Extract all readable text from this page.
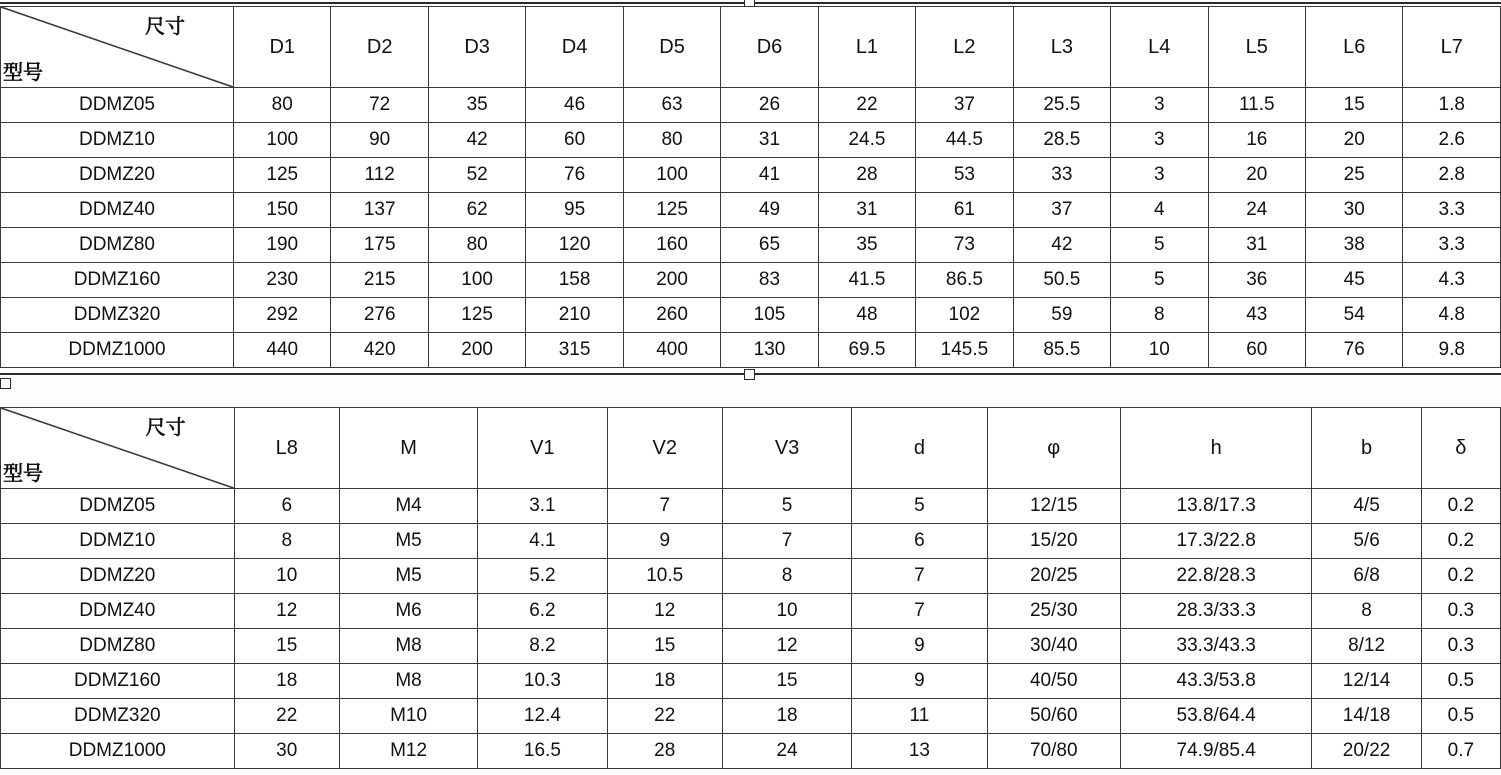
尺寸
型号	D1	D2	D3	D4	D5	D6	L1	L2	L3	L4	L5	L6	L7
DDMZ05	80	72	35	46	63	26	22	37	25.5	3	11.5	15	1.8
DDMZ10	100	90	42	60	80	31	24.5	44.5	28.5	3	16	20	2.6
DDMZ20	125	112	52	76	100	41	28	53	33	3	20	25	2.8
DDMZ40	150	137	62	95	125	49	31	61	37	4	24	30	3.3
DDMZ80	190	175	80	120	160	65	35	73	42	5	31	38	3.3
DDMZ160	230	215	100	158	200	83	41.5	86.5	50.5	5	36	45	4.3
DDMZ320	292	276	125	210	260	105	48	102	59	8	43	54	4.8
DDMZ1000	440	420	200	315	400	130	69.5	145.5	85.5	10	60	76	9.8
尺寸
型号	L8	M	V1	V2	V3	d	φ	h	b	δ
DDMZ05	6	M4	3.1	7	5	5	12/15	13.8/17.3	4/5	0.2
DDMZ10	8	M5	4.1	9	7	6	15/20	17.3/22.8	5/6	0.2
DDMZ20	10	M5	5.2	10.5	8	7	20/25	22.8/28.3	6/8	0.2
DDMZ40	12	M6	6.2	12	10	7	25/30	28.3/33.3	8	0.3
DDMZ80	15	M8	8.2	15	12	9	30/40	33.3/43.3	8/12	0.3
DDMZ160	18	M8	10.3	18	15	9	40/50	43.3/53.8	12/14	0.5
DDMZ320	22	M10	12.4	22	18	11	50/60	53.8/64.4	14/18	0.5
DDMZ1000	30	M12	16.5	28	24	13	70/80	74.9/85.4	20/22	0.7
